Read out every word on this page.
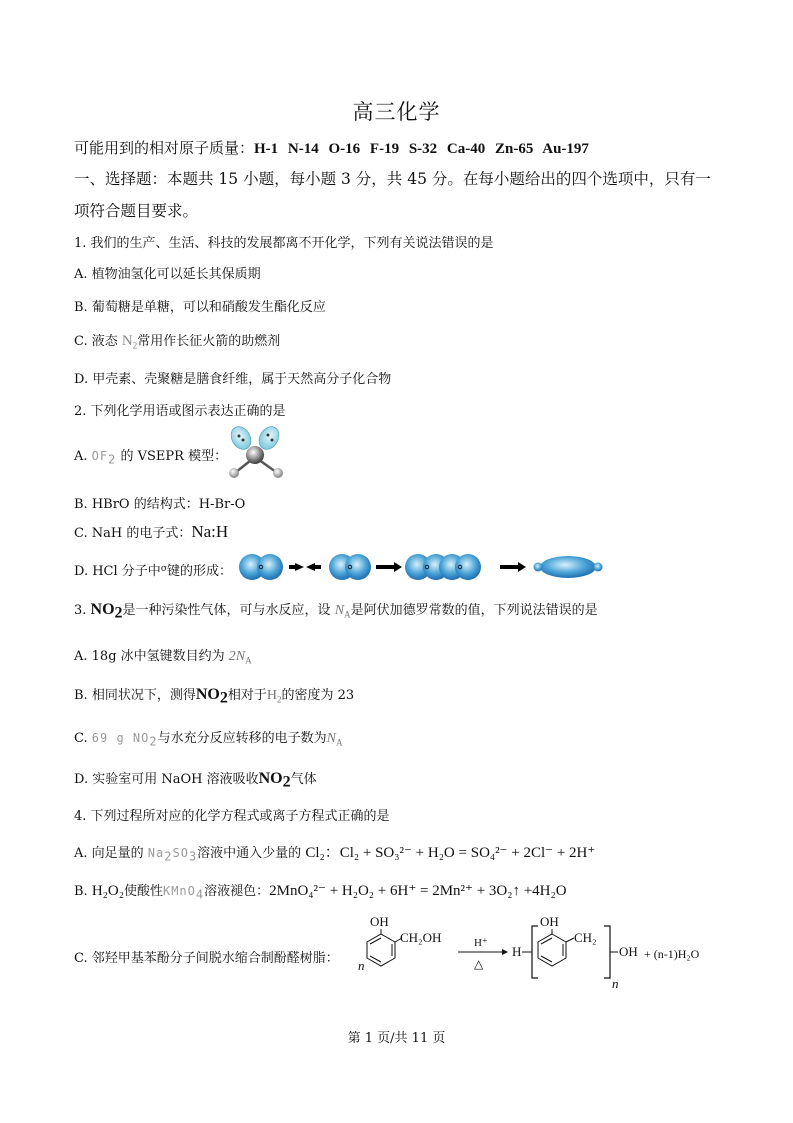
高三化学
可能用到的相对原子质量：H-1 N-14 O-16 F-19 S-32 Ca-40 Zn-65 Au-197
一、选择题：本题共 15 小题，每小题 3 分，共 45 分。在每小题给出的四个选项中，只有一
项符合题目要求。
1. 我们的生产、生活、科技的发展都离不开化学，下列有关说法错误的是
A. 植物油氢化可以延长其保质期
B. 葡萄糖是单糖，可以和硝酸发生酯化反应
C. 液态 $N_2$常用作长征火箭的助燃剂
D. 甲壳素、壳聚糖是膳食纤维，属于天然高分子化合物
2. 下列化学用语或图示表达正确的是
A. $OF_2$ 的 VSEPR 模型：
B. HBrO 的结构式：H-Br-O
C. NaH 的电子式：Na:H
D. HCl 分子中$^\sigma$键的形成：
3. $NO_2$是一种污染性气体，可与水反应，设 $N_A$是阿伏加德罗常数的值，下列说法错误的是
A. 18g 冰中氢键数目约为 $2N_A$
B. 相同状况下，测得$NO_2$相对于$H_2$的密度为 23
C. 69 g $NO_2$与水充分反应转移的电子数为$N_A$
D. 实验室可用 NaOH 溶液吸收$NO_2$气体
4. 下列过程所对应的化学方程式或离子方程式正确的是
A. 向足量的 $Na_2SO_3$溶液中通入少量的 Cl₂：Cl₂ + SO₃²⁻ + H₂O = SO₄²⁻ + 2Cl⁻ + 2H⁺
B. H₂O₂使酸性KMnO$_4$溶液褪色：2MnO₄²⁻ + H₂O₂ + 6H⁺ = 2Mn²⁺ + 3O₂↑ +4H₂O
C. 邻羟甲基苯酚分子间脱水缩合制酚醛树脂：
OH
n
CH₂OH	H⁺
△
H
OH
CH₂
n
OH + (n-1)H₂O
第 1 页/共 11 页
